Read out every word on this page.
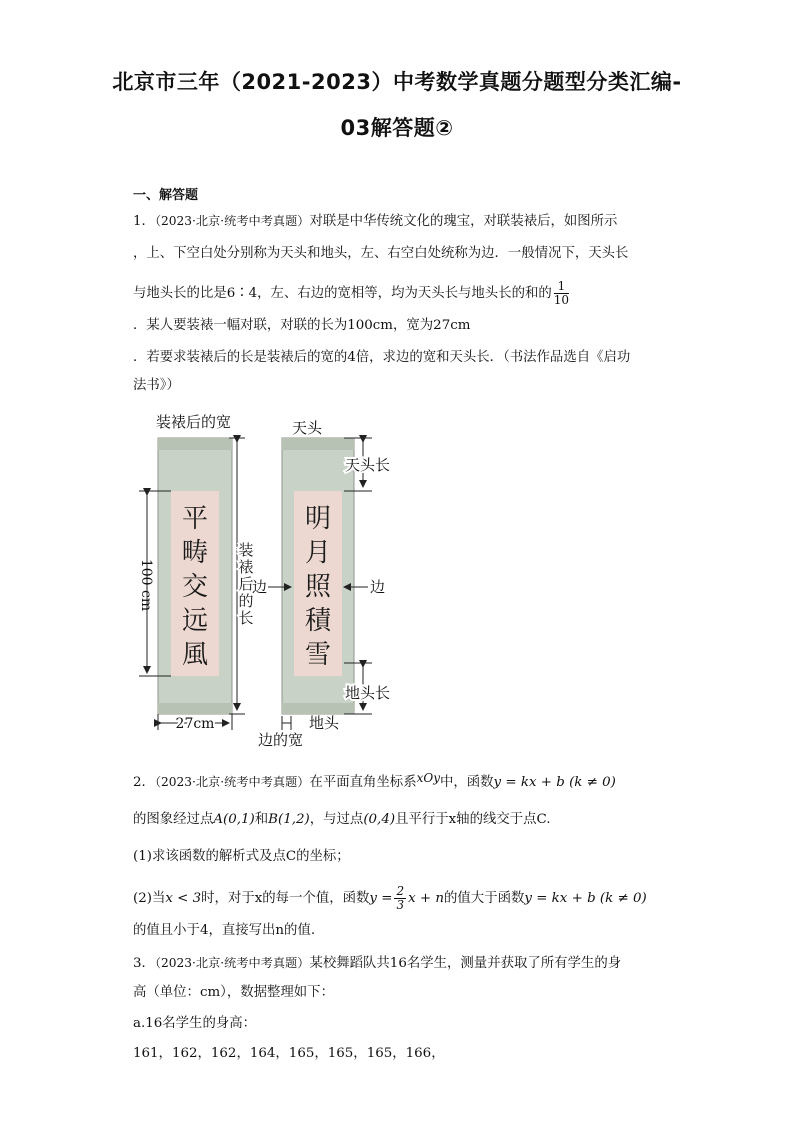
北京市三年（2021-2023）中考数学真题分题型分类汇编-
03解答题②
一、解答题
1．（2023·北京·统考中考真题）对联是中华传统文化的瑰宝，对联装裱后，如图所示
，上、下空白处分别称为天头和地头，左、右空白处统称为边．一般情况下，天头长
与地头长的比是6∶4，左、右边的宽相等，均为天头长与地头长的和的 $\frac{1}{10}$
．某人要装裱一幅对联，对联的长为100cm，宽为27cm
．若要求装裱后的长是装裱后的宽的4倍，求边的宽和天头长．（书法作品选自《启功
法书》）
装裱后的宽	天头
平
畴
交
远
風
明
月
照
積
雪
100 cm
27cm
装
裱
后
的
长
边	边
天头长
地头长
地头
边的宽
2．（2023·北京·统考中考真题）在平面直角坐标系xOy中，函数y = kx + b (k ≠ 0)
的图象经过点A(0,1)和B(1,2)，与过点(0,4)且平行于x轴的线交于点C.
(1)求该函数的解析式及点C的坐标；
(2)当x < 3时，对于x的每一个值，函数$y = \frac{2}{3}$ x + n的值大于函数y = kx + b (k ≠ 0)
的值且小于4，直接写出n的值.
3．（2023·北京·统考中考真题）某校舞蹈队共16名学生，测量并获取了所有学生的身
高（单位：cm），数据整理如下：
a.16名学生的身高：
161，162，162，164，165，165，165，166，
